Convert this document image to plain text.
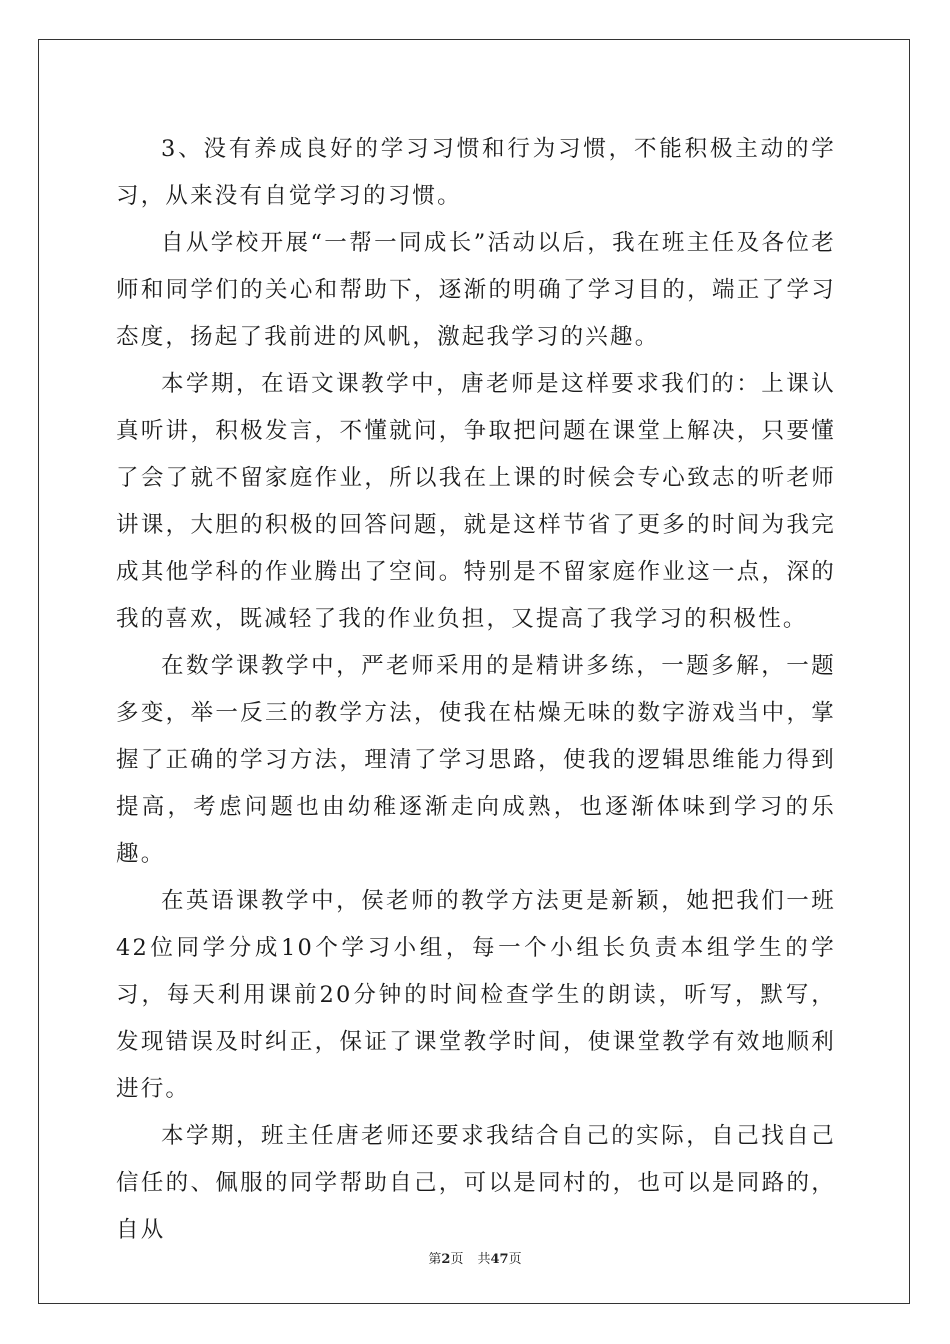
3、没有养成良好的学习习惯和行为习惯，不能积极主动的学习，从来没有自觉学习的习惯。

自从学校开展“一帮一同成长”活动以后，我在班主任及各位老师和同学们的关心和帮助下，逐渐的明确了学习目的，端正了学习态度，扬起了我前进的风帆，激起我学习的兴趣。

本学期，在语文课教学中，唐老师是这样要求我们的：上课认真听讲，积极发言，不懂就问，争取把问题在课堂上解决，只要懂了会了就不留家庭作业，所以我在上课的时候会专心致志的听老师讲课，大胆的积极的回答问题，就是这样节省了更多的时间为我完成其他学科的作业腾出了空间。特别是不留家庭作业这一点，深的我的喜欢，既减轻了我的作业负担，又提高了我学习的积极性。

在数学课教学中，严老师采用的是精讲多练，一题多解，一题多变，举一反三的教学方法，使我在枯燥无味的数字游戏当中，掌握了正确的学习方法，理清了学习思路，使我的逻辑思维能力得到提高，考虑问题也由幼稚逐渐走向成熟，也逐渐体味到学习的乐趣。

在英语课教学中，侯老师的教学方法更是新颖，她把我们一班42位同学分成10个学习小组，每一个小组长负责本组学生的学习，每天利用课前20分钟的时间检查学生的朗读，听写，默写，发现错误及时纠正，保证了课堂教学时间，使课堂教学有效地顺利进行。

本学期，班主任唐老师还要求我结合自己的实际，自己找自己信任的、佩服的同学帮助自己，可以是同村的，也可以是同路的，自从

第2页 共47页
